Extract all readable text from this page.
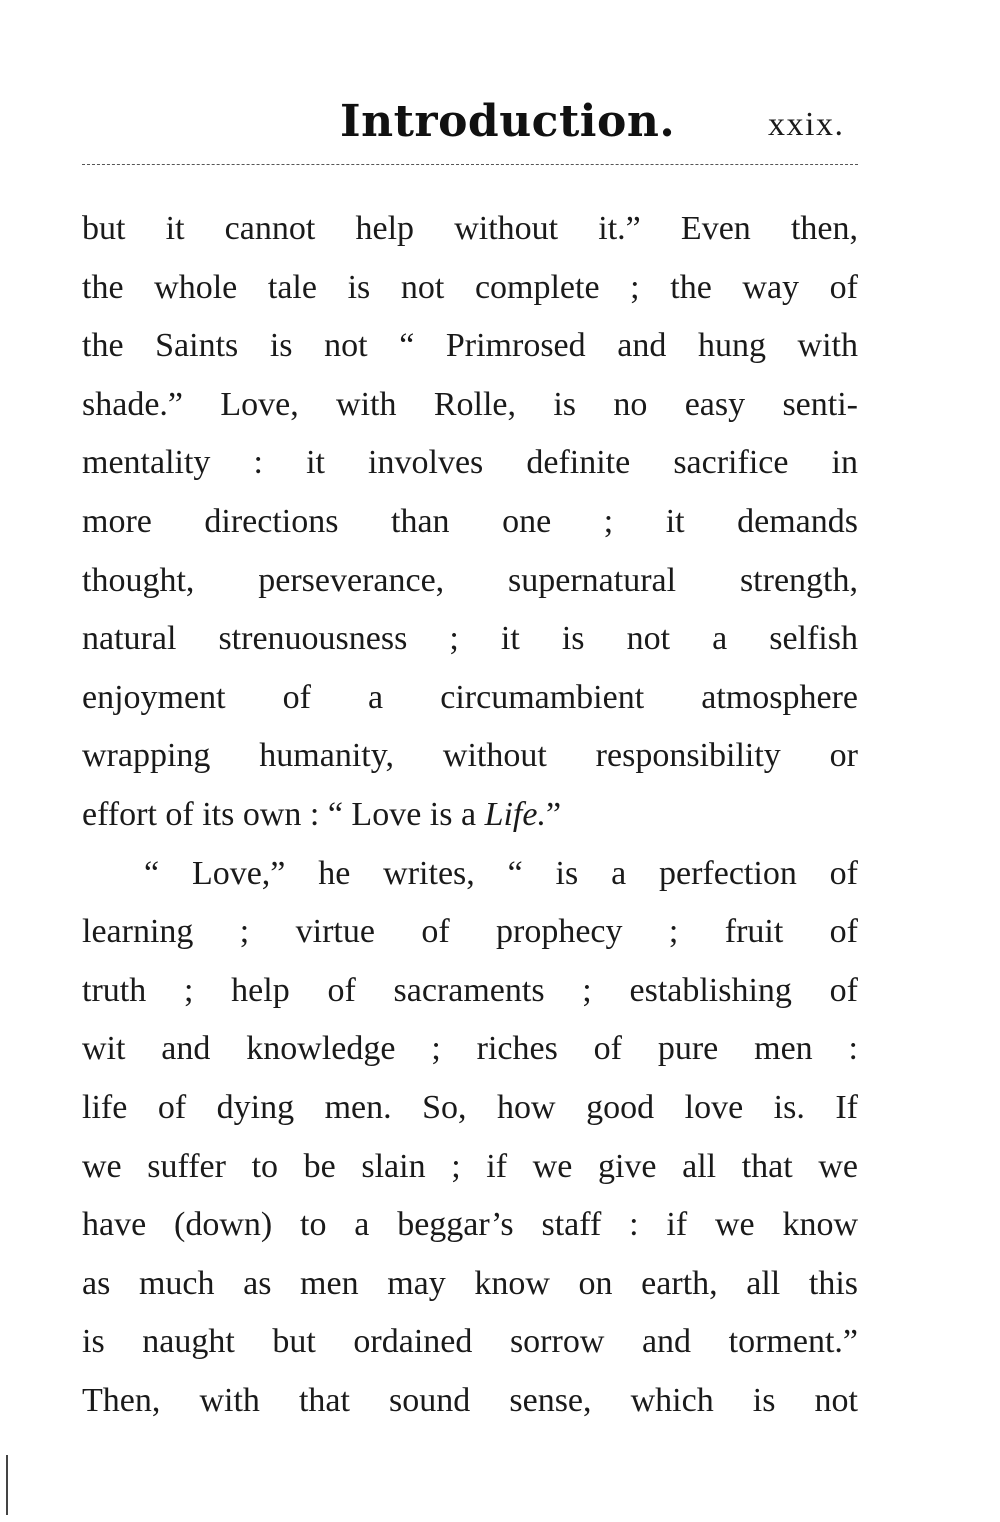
Introduction.	xxix.
but it cannot help without it.” Even then,
the whole tale is not complete ; the way of
the Saints is not “ Primrosed and hung with
shade.” Love, with Rolle, is no easy senti-
mentality : it involves definite sacrifice in
more directions than one ; it demands
thought, perseverance, supernatural strength,
natural strenuousness ; it is not a selfish
enjoyment of a circumambient atmosphere
wrapping humanity, without responsibility or
effort of its own : “ Love is a Life.”
“ Love,” he writes, “ is a perfection of
learning ; virtue of prophecy ; fruit of
truth ; help of sacraments ; establishing of
wit and knowledge ; riches of pure men :
life of dying men. So, how good love is. If
we suffer to be slain ; if we give all that we
have (down) to a beggar’s staff : if we know
as much as men may know on earth, all this
is naught but ordained sorrow and torment.”
Then, with that sound sense, which is not
